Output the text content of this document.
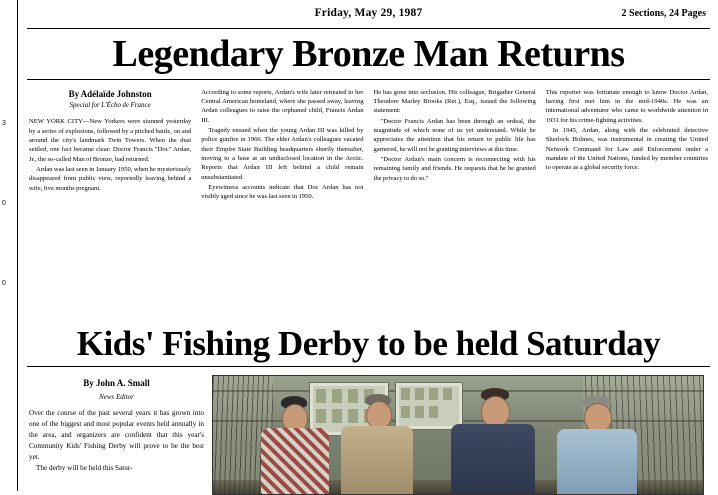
3
0
0
Friday, May 29, 1987	2 Sections, 24 Pages
Legendary Bronze Man Returns
By Adélaïde Johnston
Special for L'Écho de France

NEW YORK CITY—New Yorkers were stunned yesterday by a series of explosions, followed by a pitched battle, on and around the city's landmark Twin Towers. When the dust settled, one fact became clear: Doctor Francis "Doc" Ardan, Jr., the so-called Man of Bronze, had returned.

Ardan was last seen in January 1950, when he mysteriously disappeared from public view, reportedly leaving behind a wife, five months pregnant.

According to some reports, Ardan's wife later retreated to her Central American homeland, where she passed away, leaving Ardan colleagues to raise the orphaned child, Francis Ardan III.

Tragedy ensued when the young Ardan III was killed by police gunfire in 1966. The elder Ardan's colleagues vacated their Empire State Building headquarters shortly thereafter, moving to a base at an undisclosed location in the Arctic. Reports that Ardan III left behind a child remain unsubstantiated.

Eyewitness accounts indicate that Doc Ardan has not visibly aged since he was last seen in 1950.

He has gone into seclusion. His colleague, Brigadier General Theodore Marley Brooks (Ret.), Esq., issued the following statement:

"Doctor Francis Ardan has been through an ordeal, the magnitude of which none of us yet understand. While he appreciates the attention that his return to public life has garnered, he will not be granting interviews at this time.

"Doctor Ardan's main concern is reconnecting with his remaining family and friends. He requests that he be granted the privacy to do so."

This reporter was fortunate enough to know Doctor Ardan, having first met him in the mid-1940s. He was an international adventurer who came to worldwide attention in 1931 for his crime-fighting activities.

In 1945, Ardan, along with the celebrated detective Sherlock Holmes, was instrumental in creating the United Network Command for Law and Enforcement under a mandate of the United Nations, funded by member countries to operate as a global security force.

Kids' Fishing Derby to be held Saturday
By John A. Small
News Editor

Over the course of the past several years it has grown into one of the biggest and most popular events held annually in the area, and organizers are confident that this year's Community Kids' Fishing Derby will prove to be the best yet.

The derby will be held this Satur-
